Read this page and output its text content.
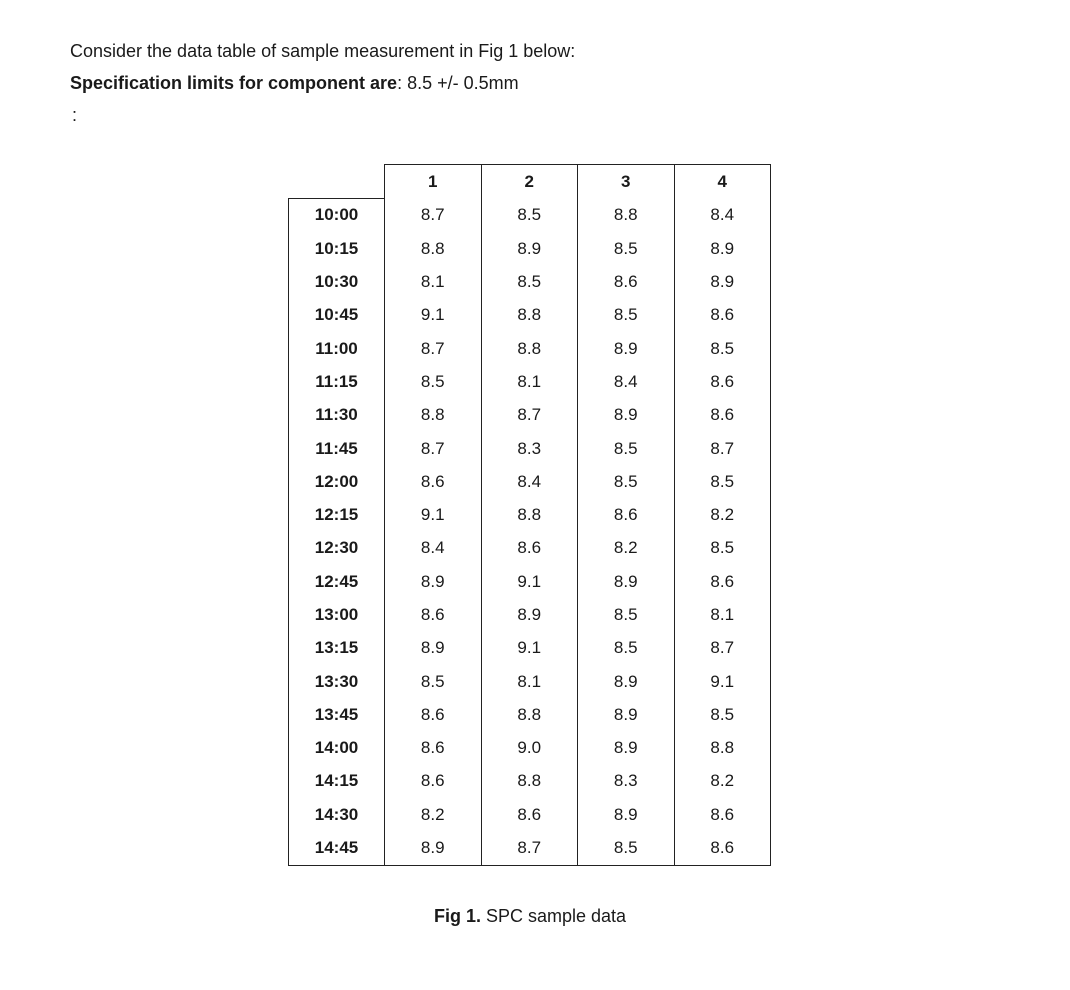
Consider the data table of sample measurement in Fig 1 below:
Specification limits for component are: 8.5 +/- 0.5mm
:
	1	2	3	4
10:00	8.7	8.5	8.8	8.4
10:15	8.8	8.9	8.5	8.9
10:30	8.1	8.5	8.6	8.9
10:45	9.1	8.8	8.5	8.6
11:00	8.7	8.8	8.9	8.5
11:15	8.5	8.1	8.4	8.6
11:30	8.8	8.7	8.9	8.6
11:45	8.7	8.3	8.5	8.7
12:00	8.6	8.4	8.5	8.5
12:15	9.1	8.8	8.6	8.2
12:30	8.4	8.6	8.2	8.5
12:45	8.9	9.1	8.9	8.6
13:00	8.6	8.9	8.5	8.1
13:15	8.9	9.1	8.5	8.7
13:30	8.5	8.1	8.9	9.1
13:45	8.6	8.8	8.9	8.5
14:00	8.6	9.0	8.9	8.8
14:15	8.6	8.8	8.3	8.2
14:30	8.2	8.6	8.9	8.6
14:45	8.9	8.7	8.5	8.6
Fig 1. SPC sample data
